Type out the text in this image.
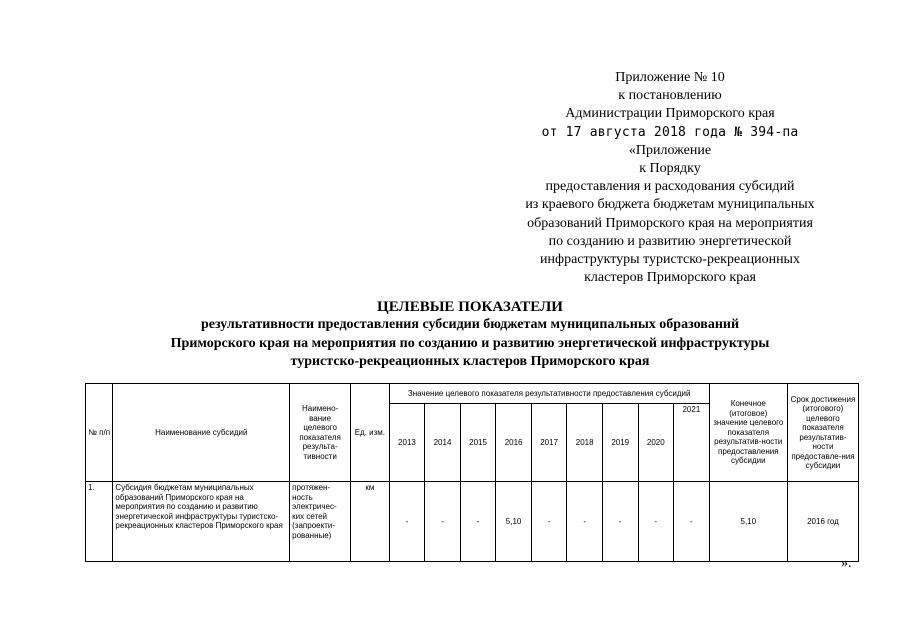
Приложение № 10
к постановлению
Администрации Приморского края
от 17 августа 2018 года № 394-па
«Приложение
к Порядку
предоставления и расходования субсидий
из краевого бюджета бюджетам муниципальных
образований Приморского края на мероприятия
по созданию и развитию энергетической
инфраструктуры туристско-рекреационных
кластеров Приморского края
ЦЕЛЕВЫЕ ПОКАЗАТЕЛИ
результативности предоставления субсидии бюджетам муниципальных образований
Приморского края на мероприятия по созданию и развитию энергетической инфраструктуры
туристско-рекреационных кластеров Приморского края
№ п/п	Наименование субсидий	Наимено-вание целевого показателя результа-тивности	Ед. изм.	Значение целевого показателя результативности предоставления субсидий									Конечное (итоговое) значение целевого показателя результатив-ности предоставления субсидии	Срок достижения (итогового) целевого показателя результатив-ности предоставле-ния субсидии
				2013	2014	2015	2016	2017	2018	2019	2020	2021		
1.	Субсидия бюджетам муниципальных образований Приморского края на мероприятия по созданию и развитию энергетической инфраструктуры туристско-рекреационных кластеров Приморского края	протяжен-ность электричес-ких сетей (запроекти-рованные)	км	-	-	-	5,10	-	-	-	-	-	5,10	2016 год
».
